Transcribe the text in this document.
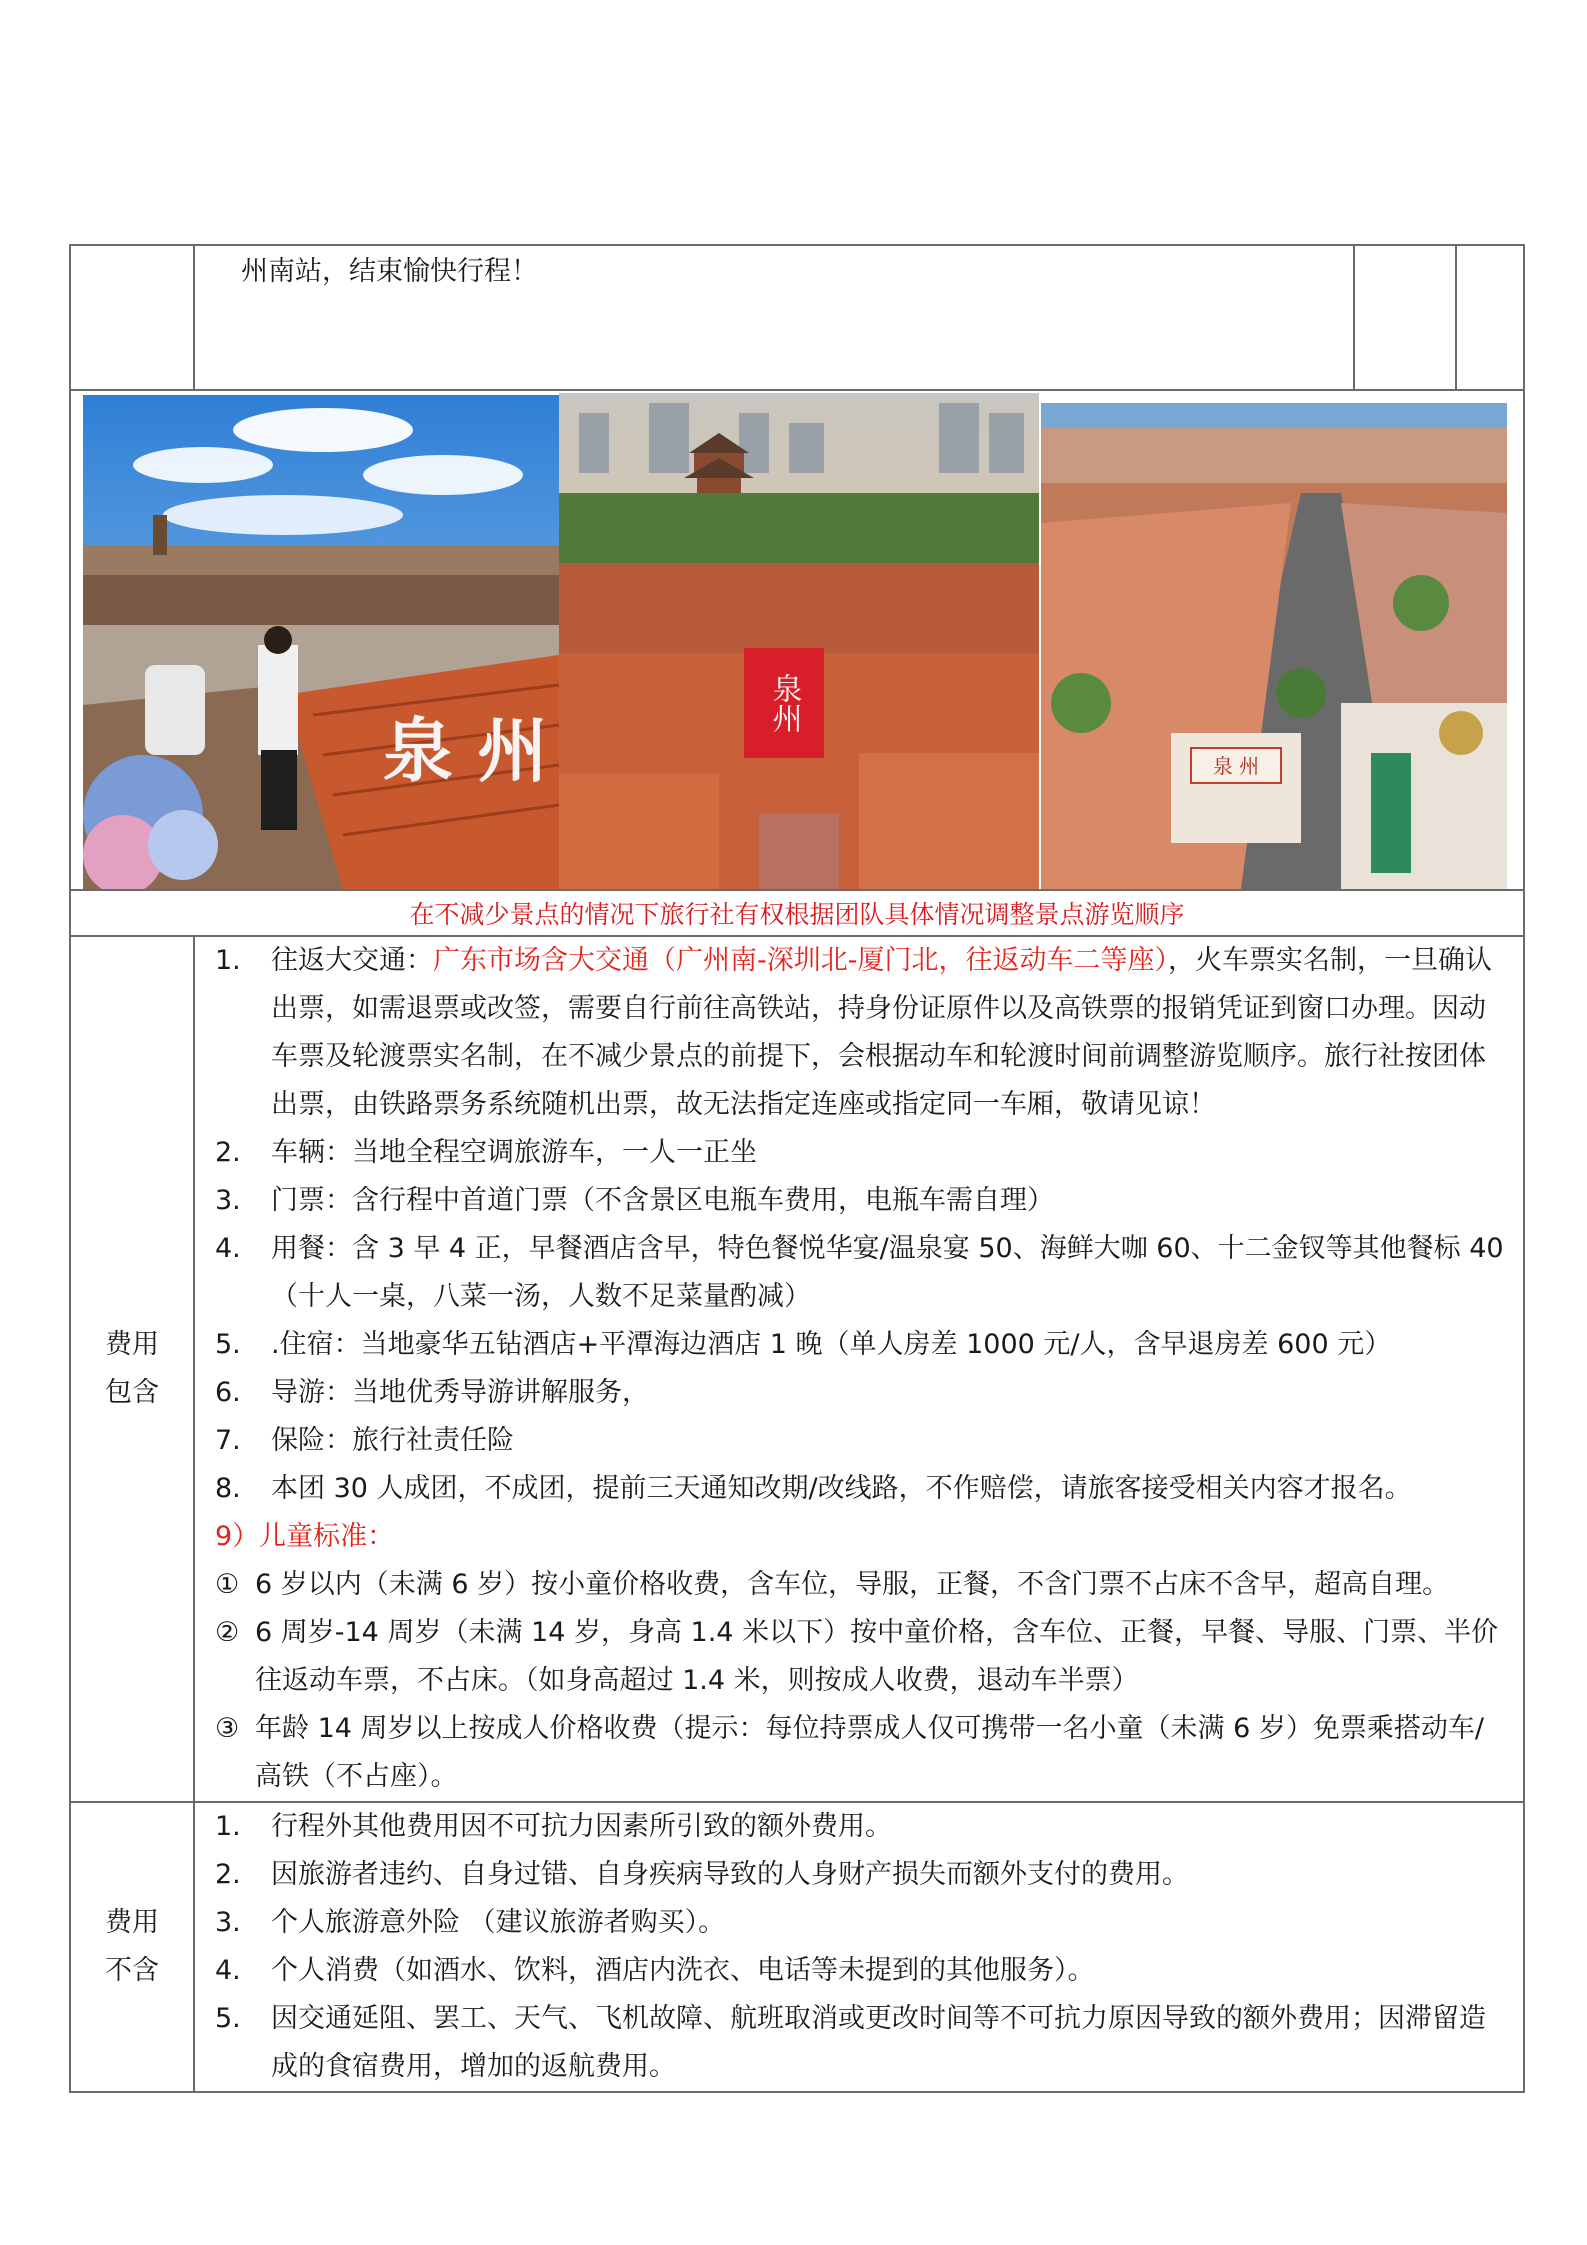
州南站，结束愉快行程！
泉 州
泉州
泉 州
在不减少景点的情况下旅行社有权根据团队具体情况调整景点游览顺序
费用
包含
1.	往返大交通：广东市场含大交通（广州南-深圳北-厦门北，往返动车二等座），火车票实名制，一旦确认出票，如需退票或改签，需要自行前往高铁站，持身份证原件以及高铁票的报销凭证到窗口办理。因动车票及轮渡票实名制，在不减少景点的前提下，会根据动车和轮渡时间前调整游览顺序。旅行社按团体出票，由铁路票务系统随机出票，故无法指定连座或指定同一车厢，敬请见谅！
2.	车辆：当地全程空调旅游车，一人一正坐
3.	门票：含行程中首道门票（不含景区电瓶车费用，电瓶车需自理）
4.	用餐：含 3 早 4 正，早餐酒店含早，特色餐悦华宴/温泉宴 50、海鲜大咖 60、十二金钗等其他餐标 40（十人一桌，八菜一汤，人数不足菜量酌减）
5.	.住宿：当地豪华五钻酒店+平潭海边酒店 1 晚（单人房差 1000 元/人，含早退房差 600 元）
6.	导游：当地优秀导游讲解服务，
7.	保险：旅行社责任险
8.	本团 30 人成团，不成团，提前三天通知改期/改线路，不作赔偿，请旅客接受相关内容才报名。
9）儿童标准：
① 6 岁以内（未满 6 岁）按小童价格收费，含车位，导服，正餐，不含门票不占床不含早，超高自理。
② 6 周岁-14 周岁（未满 14 岁，身高 1.4 米以下）按中童价格，含车位、正餐，早餐、导服、门票、半价往返动车票，不占床。（如身高超过 1.4 米，则按成人收费，退动车半票）
③ 年龄 14 周岁以上按成人价格收费（提示：每位持票成人仅可携带一名小童（未满 6 岁）免票乘搭动车/高铁（不占座）。
费用
不含
1.	行程外其他费用因不可抗力因素所引致的额外费用。
2.	因旅游者违约、自身过错、自身疾病导致的人身财产损失而额外支付的费用。
3.	个人旅游意外险 （建议旅游者购买）。
4.	个人消费（如酒水、饮料，酒店内洗衣、电话等未提到的其他服务）。
5.	因交通延阻、罢工、天气、飞机故障、航班取消或更改时间等不可抗力原因导致的额外费用；因滞留造成的食宿费用，增加的返航费用。
